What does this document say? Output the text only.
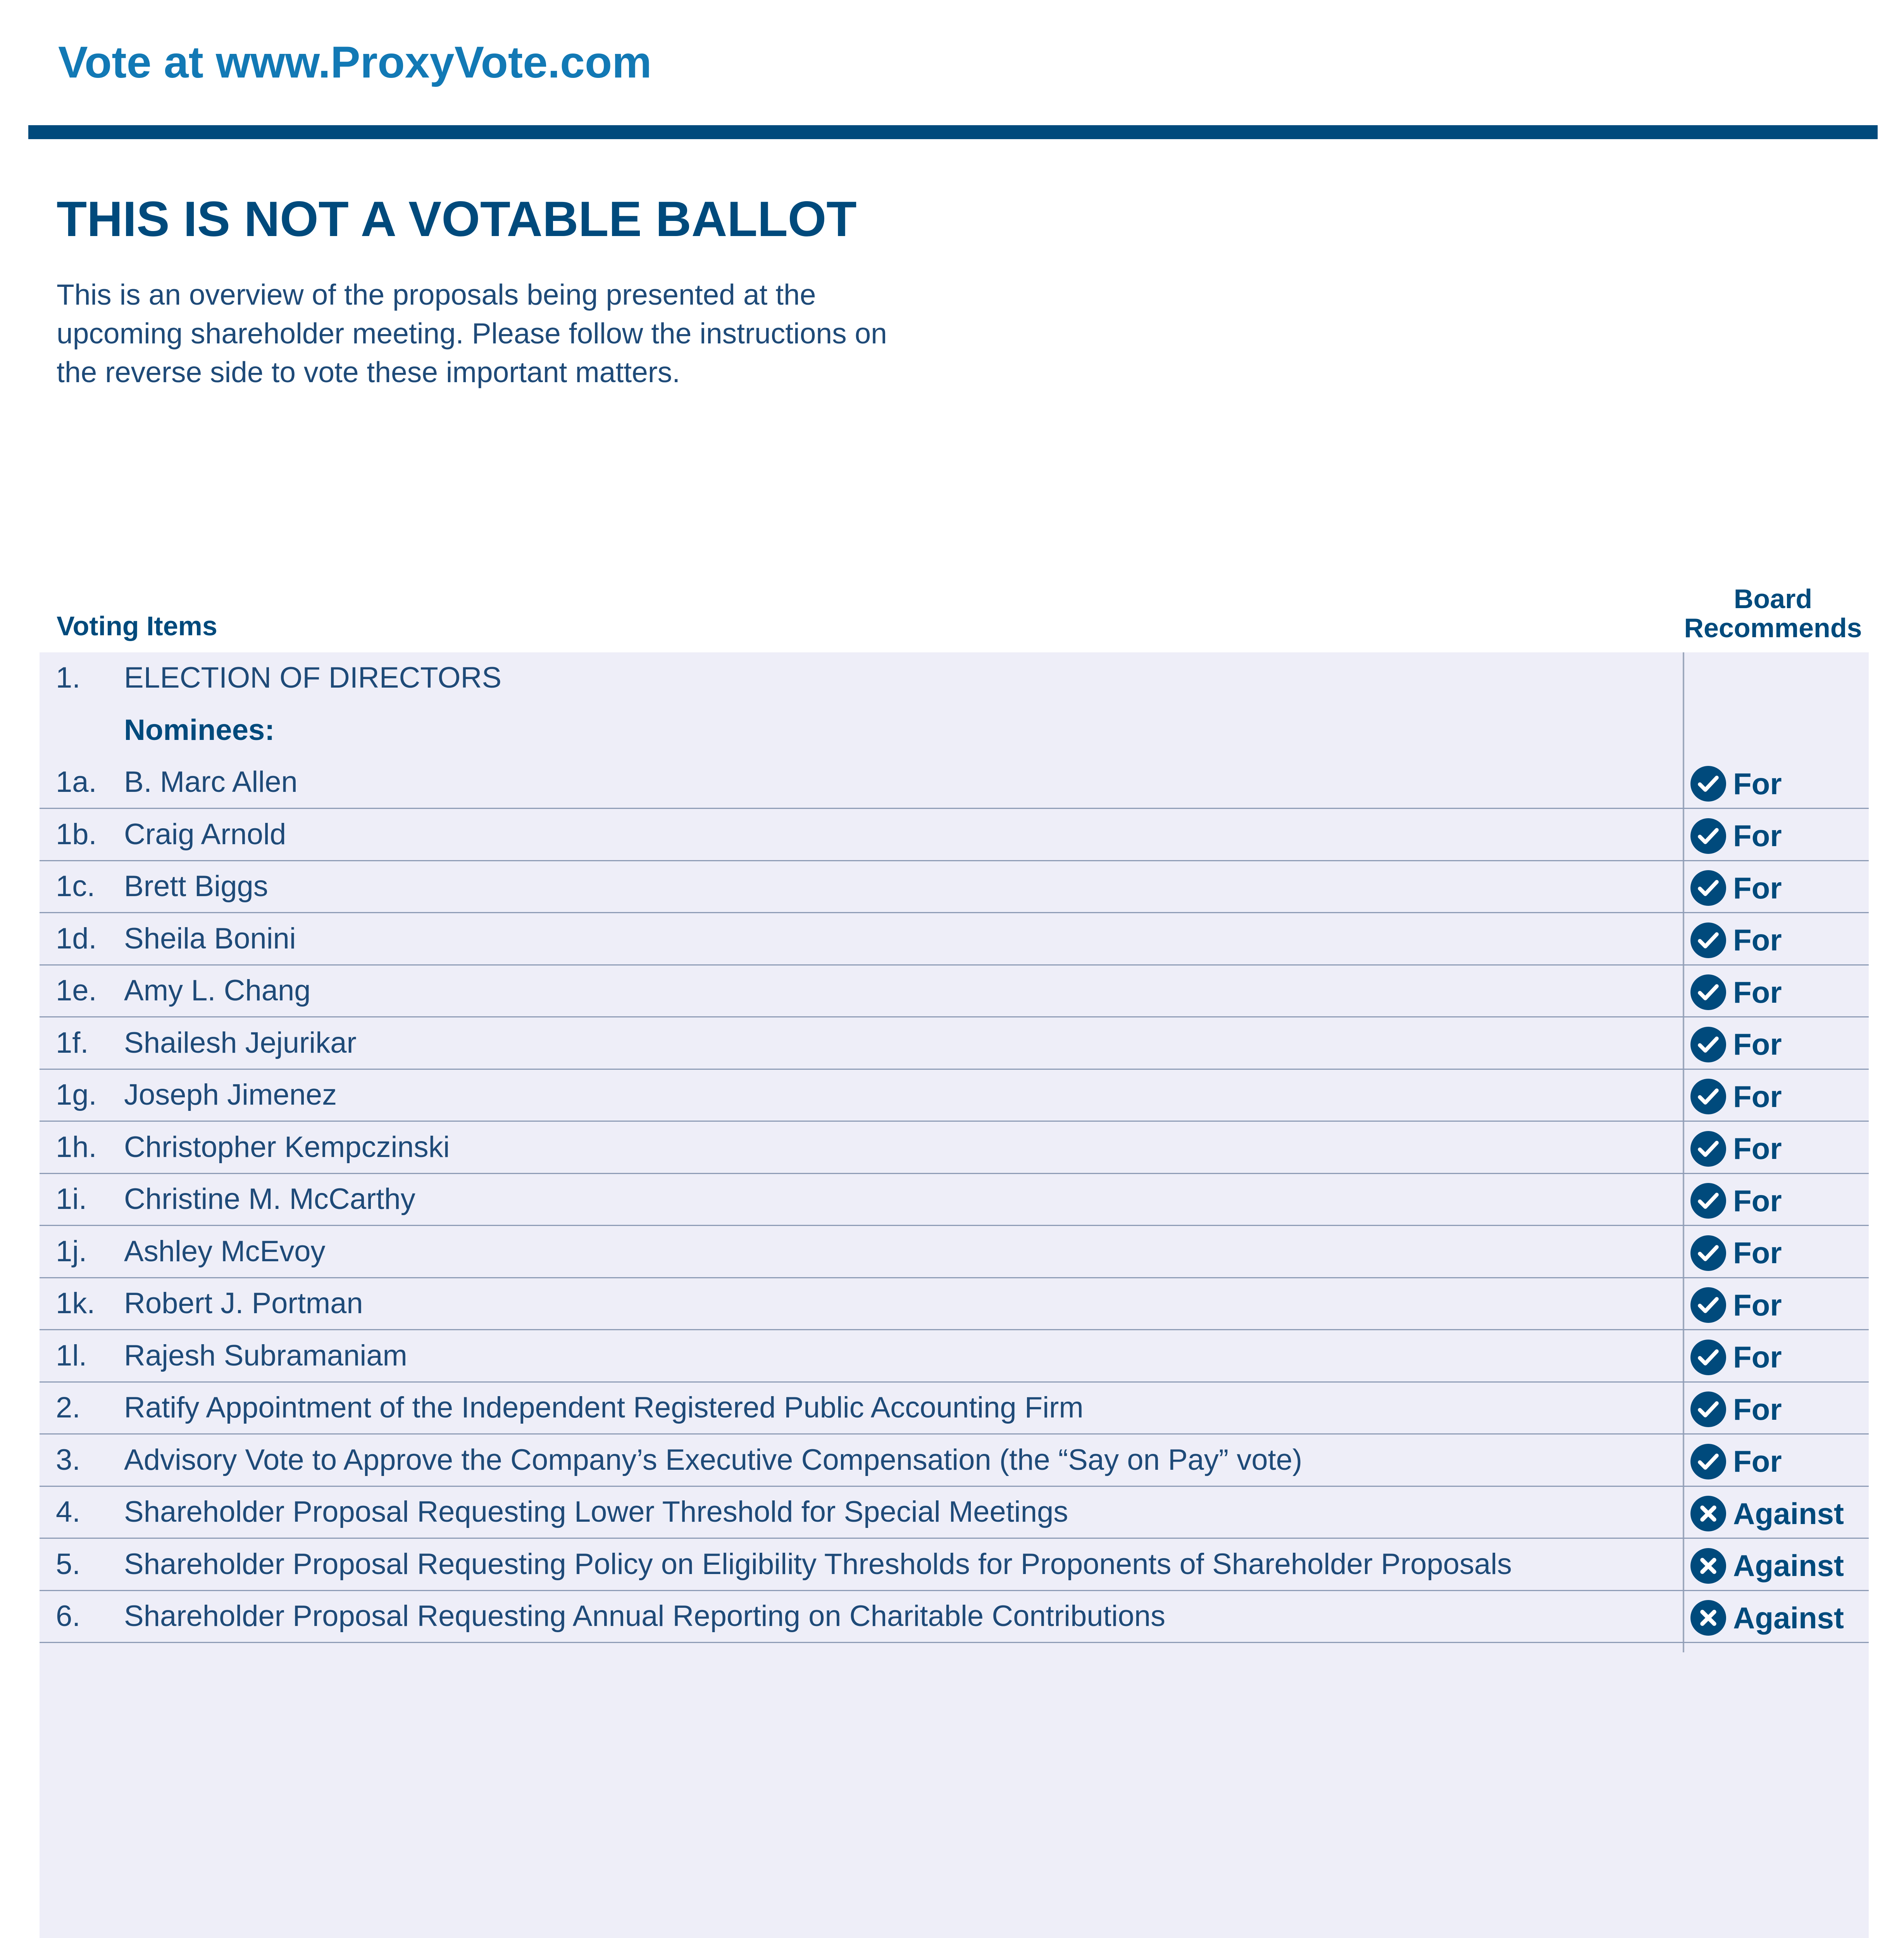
Vote at www.ProxyVote.com
THIS IS NOT A VOTABLE BALLOT
This is an overview of the proposals being presented at the
upcoming shareholder meeting. Please follow the instructions on
the reverse side to vote these important matters.
Voting Items
Board
Recommends
1. ELECTION OF DIRECTORS
Nominees:
1a. B. Marc Allen	For
1b. Craig Arnold	For
1c. Brett Biggs	For
1d. Sheila Bonini	For
1e. Amy L. Chang	For
1f. Shailesh Jejurikar	For
1g. Joseph Jimenez	For
1h. Christopher Kempczinski	For
1i. Christine M. McCarthy	For
1j. Ashley McEvoy	For
1k. Robert J. Portman	For
1l. Rajesh Subramaniam	For
2. Ratify Appointment of the Independent Registered Public Accounting Firm	For
3. Advisory Vote to Approve the Company’s Executive Compensation (the “Say on Pay” vote)	For
4. Shareholder Proposal Requesting Lower Threshold for Special Meetings	Against
5. Shareholder Proposal Requesting Policy on Eligibility Thresholds for Proponents of Shareholder Proposals	Against
6. Shareholder Proposal Requesting Annual Reporting on Charitable Contributions	Against
